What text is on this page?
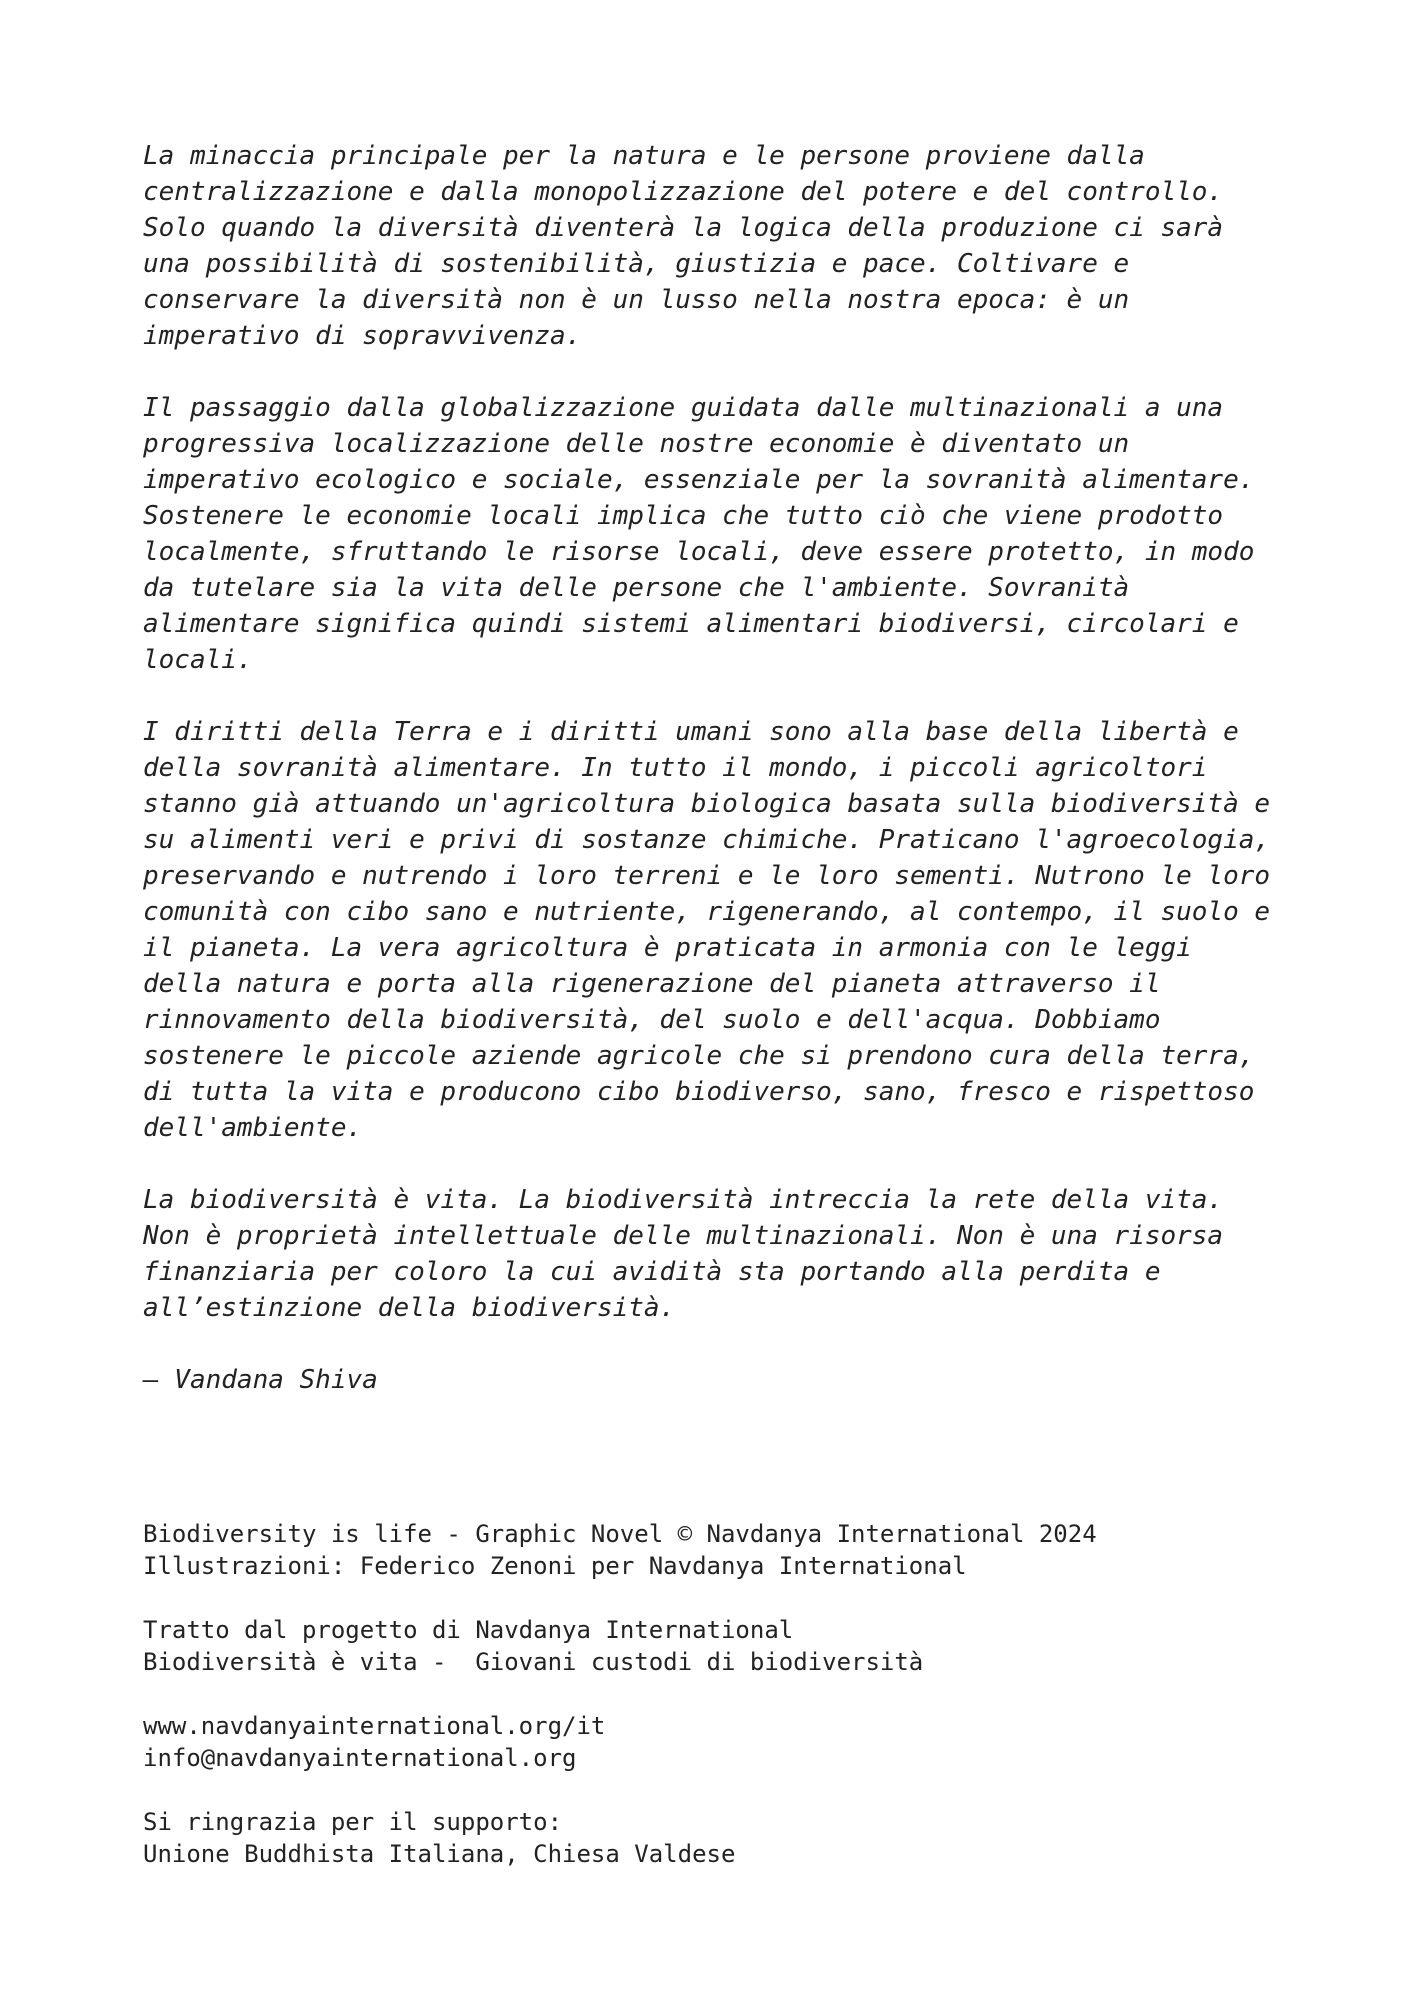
La minaccia principale per la natura e le persone proviene dalla
centralizzazione e dalla monopolizzazione del potere e del controllo.
Solo quando la diversità diventerà la logica della produzione ci sarà
una possibilità di sostenibilità, giustizia e pace. Coltivare e
conservare la diversità non è un lusso nella nostra epoca: è un
imperativo di sopravvivenza.

Il passaggio dalla globalizzazione guidata dalle multinazionali a una
progressiva localizzazione delle nostre economie è diventato un
imperativo ecologico e sociale, essenziale per la sovranità alimentare.
Sostenere le economie locali implica che tutto ciò che viene prodotto
localmente, sfruttando le risorse locali, deve essere protetto, in modo
da tutelare sia la vita delle persone che l'ambiente. Sovranità
alimentare significa quindi sistemi alimentari biodiversi, circolari e
locali.

I diritti della Terra e i diritti umani sono alla base della libertà e
della sovranità alimentare. In tutto il mondo, i piccoli agricoltori
stanno già attuando un'agricoltura biologica basata sulla biodiversità e
su alimenti veri e privi di sostanze chimiche. Praticano l'agroecologia,
preservando e nutrendo i loro terreni e le loro sementi. Nutrono le loro
comunità con cibo sano e nutriente, rigenerando, al contempo, il suolo e
il pianeta. La vera agricoltura è praticata in armonia con le leggi
della natura e porta alla rigenerazione del pianeta attraverso il
rinnovamento della biodiversità, del suolo e dell'acqua. Dobbiamo
sostenere le piccole aziende agricole che si prendono cura della terra,
di tutta la vita e producono cibo biodiverso, sano, fresco e rispettoso
dell'ambiente.

La biodiversità è vita. La biodiversità intreccia la rete della vita.
Non è proprietà intellettuale delle multinazionali. Non è una risorsa
finanziaria per coloro la cui avidità sta portando alla perdita e
all’estinzione della biodiversità.

— Vandana Shiva

Biodiversity is life - Graphic Novel © Navdanya International 2024
Illustrazioni: Federico Zenoni per Navdanya International
Tratto dal progetto di Navdanya International
Biodiversità è vita -  Giovani custodi di biodiversità
www.navdanyainternational.org/it
info@navdanyainternational.org
Si ringrazia per il supporto:
Unione Buddhista Italiana, Chiesa Valdese
